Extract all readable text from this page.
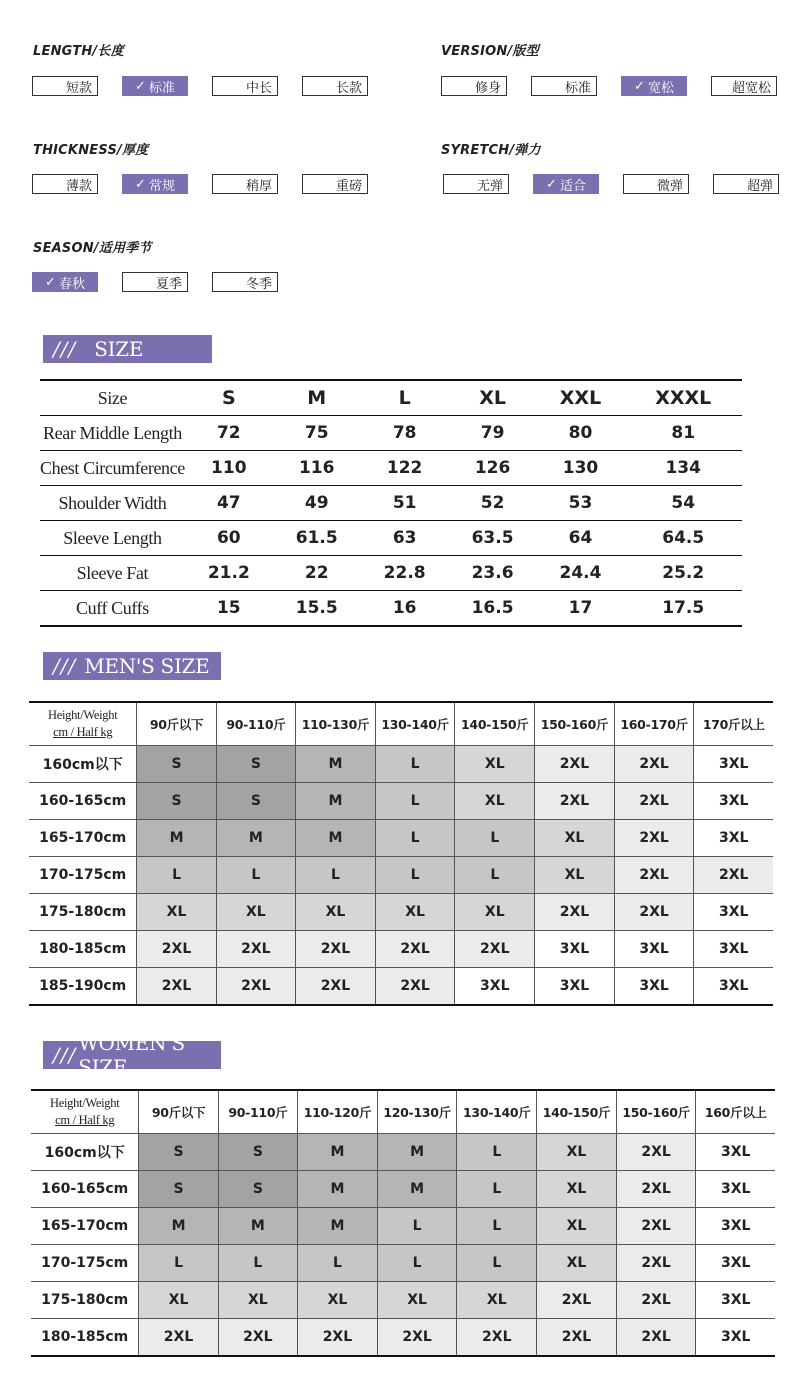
LENGTH/长度
短款	✓ 标准	中长	长款
VERSION/版型
修身	标准	✓ 宽松	超宽松
THICKNESS/厚度
薄款	✓ 常规	稍厚	重磅
SYRETCH/弹力
无弹	✓ 适合	微弹	超弹
SEASON/适用季节
✓ 春秋	夏季	冬季
/// SIZE
Size	S	M	L	XL	XXL	XXXL
Rear Middle Length	72	75	78	79	80	81
Chest Circumference	110	116	122	126	130	134
Shoulder Width	47	49	51	52	53	54
Sleeve Length	60	61.5	63	63.5	64	64.5
Sleeve Fat	21.2	22	22.8	23.6	24.4	25.2
Cuff Cuffs	15	15.5	16	16.5	17	17.5
/// MEN'S SIZE
Height/Weight
cm / Half kg	90斤以下	90-110斤	110-130斤	130-140斤	140-150斤	150-160斤	160-170斤	170斤以上
160cm以下	S	S	M	L	XL	2XL	2XL	3XL
160-165cm	S	S	M	L	XL	2XL	2XL	3XL
165-170cm	M	M	M	L	L	XL	2XL	3XL
170-175cm	L	L	L	L	L	XL	2XL	2XL
175-180cm	XL	XL	XL	XL	XL	2XL	2XL	3XL
180-185cm	2XL	2XL	2XL	2XL	2XL	3XL	3XL	3XL
185-190cm	2XL	2XL	2XL	2XL	3XL	3XL	3XL	3XL
/// WOMEN'S SIZE
Height/Weight
cm / Half kg	90斤以下	90-110斤	110-120斤	120-130斤	130-140斤	140-150斤	150-160斤	160斤以上
160cm以下	S	S	M	M	L	XL	2XL	3XL
160-165cm	S	S	M	M	L	XL	2XL	3XL
165-170cm	M	M	M	L	L	XL	2XL	3XL
170-175cm	L	L	L	L	L	XL	2XL	3XL
175-180cm	XL	XL	XL	XL	XL	2XL	2XL	3XL
180-185cm	2XL	2XL	2XL	2XL	2XL	2XL	2XL	3XL
